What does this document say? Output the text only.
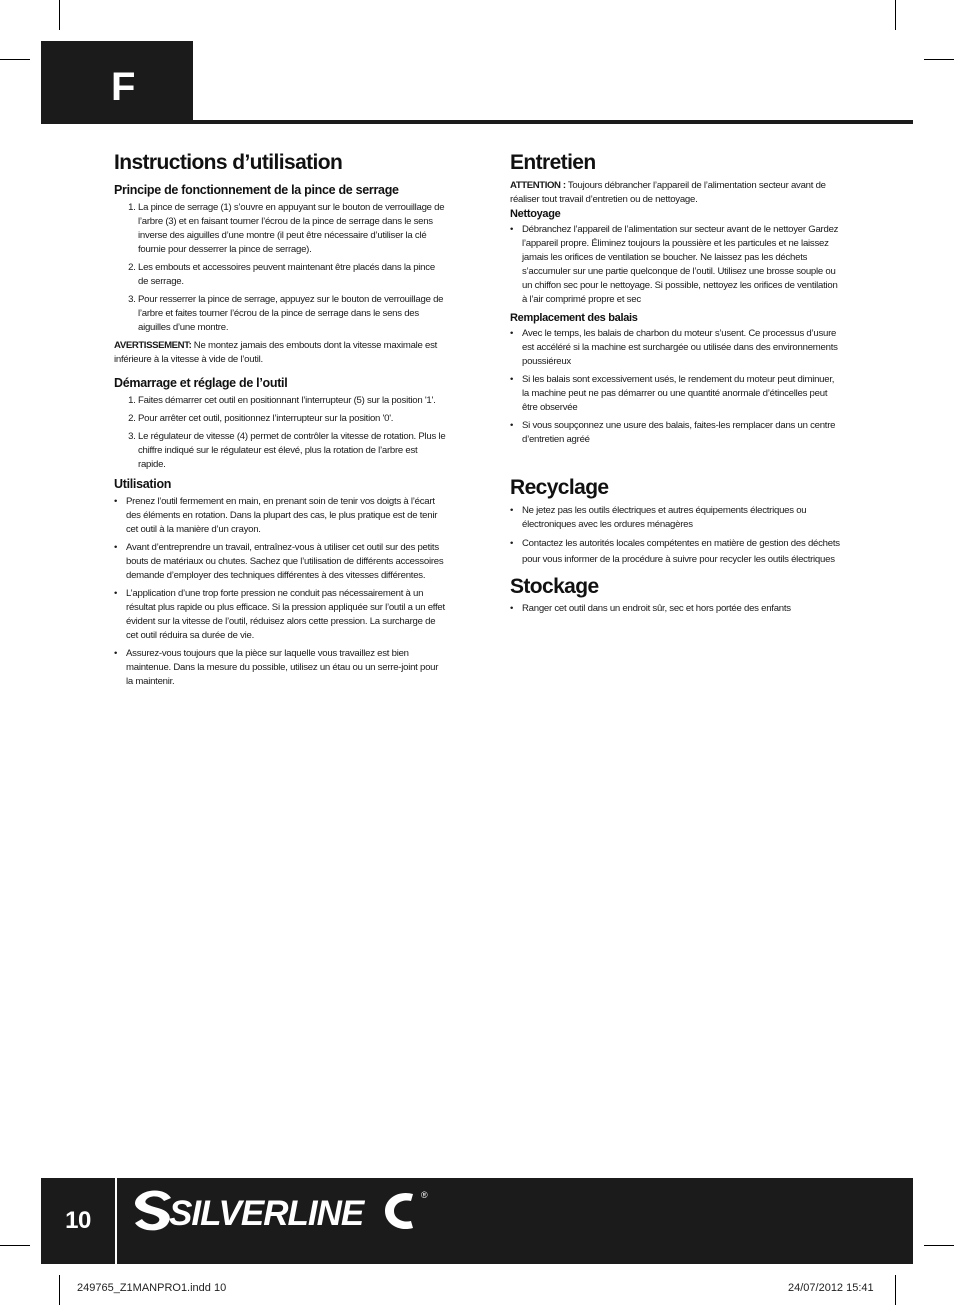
F
Instructions d’utilisation
Principe de fonctionnement de la pince de serrage
1. La pince de serrage (1) s’ouvre en appuyant sur le bouton de verrouillage de l’arbre (3) et en faisant tourner l’écrou de la pince de serrage dans le sens inverse des aiguilles d’une montre (il peut être nécessaire d’utiliser la clé fournie pour desserrer la pince de serrage).
2. Les embouts et accessoires peuvent maintenant être placés dans la pince de serrage.
3. Pour resserrer la pince de serrage, appuyez sur le bouton de verrouillage de l’arbre et faites tourner l’écrou de la pince de serrage dans le sens des aiguilles d’une montre.

AVERTISSEMENT: Ne montez jamais des embouts dont la vitesse maximale est inférieure à la vitesse à vide de l’outil.

Démarrage et réglage de l’outil
1. Faites démarrer cet outil en positionnant l’interrupteur (5) sur la position '1'.
2. Pour arrêter cet outil, positionnez l’interrupteur sur la position '0'.
3. Le régulateur de vitesse (4) permet de contrôler la vitesse de rotation. Plus le chiffre indiqué sur le régulateur est élevé, plus la rotation de l’arbre est rapide.
Utilisation
• Prenez l’outil fermement en main, en prenant soin de tenir vos doigts à l’écart des éléments en rotation. Dans la plupart des cas, le plus pratique est de tenir cet outil à la manière d’un crayon.
• Avant d’entreprendre un travail, entraînez-vous à utiliser cet outil sur des petits bouts de matériaux ou chutes. Sachez que l’utilisation de différents accessoires demande d’employer des techniques différentes à des vitesses différentes.
• L’application d’une trop forte pression ne conduit pas nécessairement à un résultat plus rapide ou plus efficace. Si la pression appliquée sur l’outil a un effet évident sur la vitesse de l’outil, réduisez alors cette pression. La surcharge de cet outil réduira sa durée de vie.
• Assurez-vous toujours que la pièce sur laquelle vous travaillez est bien maintenue. Dans la mesure du possible, utilisez un étau ou un serre-joint pour la maintenir.
Entretien

ATTENTION : Toujours débrancher l’appareil de l’alimentation secteur avant de réaliser tout travail d’entretien ou de nettoyage.

Nettoyage
• Débranchez l’appareil de l’alimentation sur secteur avant de le nettoyer Gardez l’appareil propre. Éliminez toujours la poussière et les particules et ne laissez jamais les orifices de ventilation se boucher. Ne laissez pas les déchets s’accumuler sur une partie quelconque de l’outil. Utilisez une brosse souple ou un chiffon sec pour le nettoyage. Si possible, nettoyez les orifices de ventilation à l’air comprimé propre et sec
Remplacement des balais
• Avec le temps, les balais de charbon du moteur s’usent. Ce processus d’usure est accéléré si la machine est surchargée ou utilisée dans des environnements poussiéreux
• Si les balais sont excessivement usés, le rendement du moteur peut diminuer, la machine peut ne pas démarrer ou une quantité anormale d’étincelles peut être observée
• Si vous soupçonnez une usure des balais, faites-les remplacer dans un centre d’entretien agréé
Recyclage
• Ne jetez pas les outils électriques et autres équipements électriques ou électroniques avec les ordures ménagères
• Contactez les autorités locales compétentes en matière de gestion des déchets pour vous informer de la procédure à suivre pour recycler les outils électriques
Stockage
• Ranger cet outil dans un endroit sûr, sec et hors portée des enfants
10	SILVERLINE	®
249765_Z1MANPRO1.indd 10	24/07/2012 15:41
